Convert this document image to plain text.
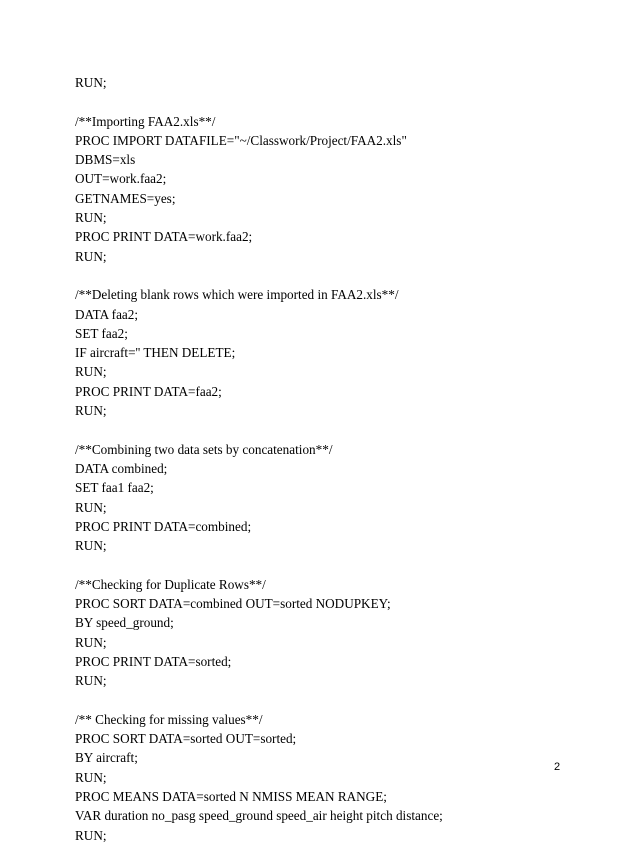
RUN;
/**Importing FAA2.xls**/
PROC IMPORT DATAFILE="~/Classwork/Project/FAA2.xls"
DBMS=xls
OUT=work.faa2;
GETNAMES=yes;
RUN;
PROC PRINT DATA=work.faa2;
RUN;
/**Deleting blank rows which were imported in FAA2.xls**/
DATA faa2;
SET faa2;
IF aircraft='' THEN DELETE;
RUN;
PROC PRINT DATA=faa2;
RUN;
/**Combining two data sets by concatenation**/
DATA combined;
SET faa1 faa2;
RUN;
PROC PRINT DATA=combined;
RUN;
/**Checking for Duplicate Rows**/
PROC SORT DATA=combined OUT=sorted NODUPKEY;
BY speed_ground;
RUN;
PROC PRINT DATA=sorted;
RUN;
/** Checking for missing values**/
PROC SORT DATA=sorted OUT=sorted;
BY aircraft;
RUN;
PROC MEANS DATA=sorted N NMISS MEAN RANGE;
VAR duration no_pasg speed_ground speed_air height pitch distance;
RUN;
2
